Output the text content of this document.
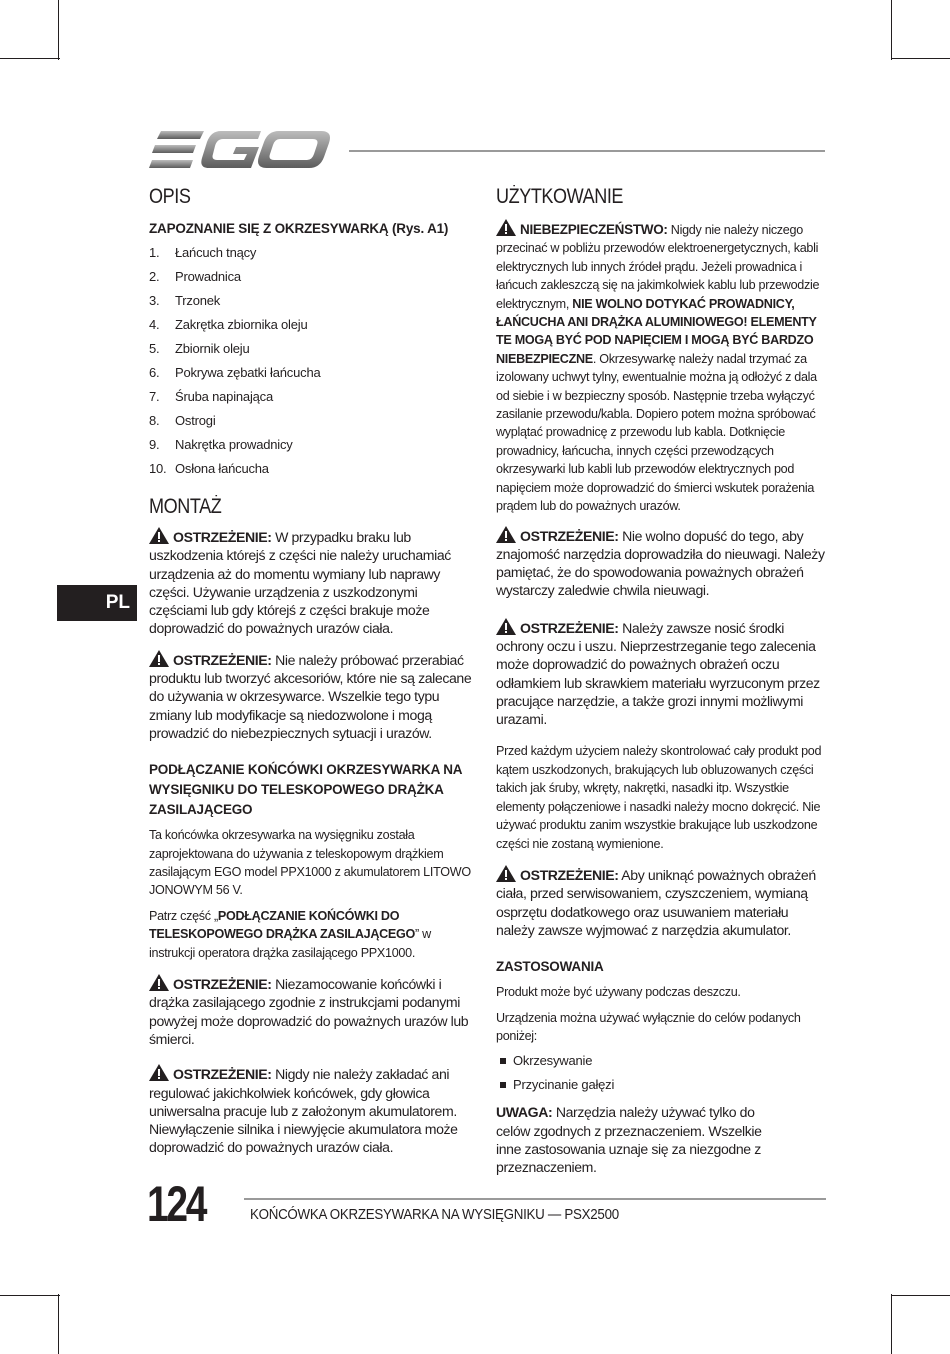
PL
OPIS
ZAPOZNANIE SIĘ Z OKRZESYWARKĄ (Rys. A1)
1. Łańcuch tnący
2. Prowadnica
3. Trzonek
4. Zakrętka zbiornika oleju
5. Zbiornik oleju
6. Pokrywa zębatki łańcucha
7. Śruba napinająca
8. Ostrogi
9. Nakrętka prowadnicy
10. Osłona łańcucha
MONTAŻ

OSTRZEŻENIE: W przypadku braku lub uszkodzenia którejś z części nie należy uruchamiać urządzenia aż do momentu wymiany lub naprawy części. Używanie urządzenia z uszkodzonymi częściami lub gdy którejś z części brakuje może doprowadzić do poważnych urazów ciała.

OSTRZEŻENIE: Nie należy próbować przerabiać produktu lub tworzyć akcesoriów, które nie są zalecane do używania w okrzesywarce. Wszelkie tego typu zmiany lub modyfikacje są niedozwolone i mogą prowadzić do niebezpiecznych sytuacji i urazów.

PODŁĄCZANIE KOŃCÓWKI OKRZESYWARKA NA WYSIĘGNIKU DO TELESKOPOWEGO DRĄŻKA ZASILAJĄCEGO

Ta końcówka okrzesywarka na wysięgniku została zaprojektowana do używania z teleskopowym drążkiem zasilającym EGO model PPX1000 z akumulatorem LITOWO JONOWYM 56 V.

Patrz część „PODŁĄCZANIE KOŃCÓWKI DO TELESKOPOWEGO DRĄŻKA ZASILAJĄCEGO” w instrukcji operatora drążka zasilającego PPX1000.

OSTRZEŻENIE: Niezamocowanie końcówki i drążka zasilającego zgodnie z instrukcjami podanymi powyżej może doprowadzić do poważnych urazów lub śmierci.

OSTRZEŻENIE: Nigdy nie należy zakładać ani regulować jakichkolwiek końcówek, gdy głowica uniwersalna pracuje lub z założonym akumulatorem. Niewyłączenie silnika i niewyjęcie akumulatora może doprowadzić do poważnych urazów ciała.

UŻYTKOWANIE

NIEBEZPIECZEŃSTWO: Nigdy nie należy niczego przecinać w pobliżu przewodów elektroenergetycznych, kabli elektrycznych lub innych źródeł prądu. Jeżeli prowadnica i łańcuch zakleszczą się na jakimkolwiek kablu lub przewodzie elektrycznym, NIE WOLNO DOTYKAĆ PROWADNICY, ŁAŃCUCHA ANI DRĄŻKA ALUMINIOWEGO! ELEMENTY TE MOGĄ BYĆ POD NAPIĘCIEM I MOGĄ BYĆ BARDZO NIEBEZPIECZNE. Okrzesywarkę należy nadal trzymać za izolowany uchwyt tylny, ewentualnie można ją odłożyć z dala od siebie i w bezpieczny sposób. Następnie trzeba wyłączyć zasilanie przewodu/kabla. Dopiero potem można spróbować wyplątać prowadnicę z przewodu lub kabla. Dotknięcie prowadnicy, łańcucha, innych części przewodzących okrzesywarki lub kabli lub przewodów elektrycznych pod napięciem może doprowadzić do śmierci wskutek porażenia prądem lub do poważnych urazów.

OSTRZEŻENIE: Nie wolno dopuść do tego, aby znajomość narzędzia doprowadziła do nieuwagi. Należy pamiętać, że do spowodowania poważnych obrażeń wystarczy zaledwie chwila nieuwagi.

OSTRZEŻENIE: Należy zawsze nosić środki ochrony oczu i uszu. Nieprzestrzeganie tego zalecenia może doprowadzić do poważnych obrażeń oczu odłamkiem lub skrawkiem materiału wyrzuconym przez pracujące narzędzie, a także grozi innymi możliwymi urazami.

Przed każdym użyciem należy skontrolować cały produkt pod kątem uszkodzonych, brakujących lub obluzowanych części takich jak śruby, wkręty, nakrętki, nasadki itp. Wszystkie elementy połączeniowe i nasadki należy mocno dokręcić. Nie używać produktu zanim wszystkie brakujące lub uszkodzone części nie zostaną wymienione.

OSTRZEŻENIE: Aby uniknąć poważnych obrażeń ciała, przed serwisowaniem, czyszczeniem, wymianą osprzętu dodatkowego oraz usuwaniem materiału należy zawsze wyjmować z narzędzia akumulator.

ZASTOSOWANIA

Produkt może być używany podczas deszczu.

Urządzenia można używać wyłącznie do celów podanych poniżej:

Okrzesywanie
Przycinanie gałęzi

UWAGA: Narzędzia należy używać tylko do celów zgodnych z przeznaczeniem. Wszelkie inne zastosowania uznaje się za niezgodne z przeznaczeniem.

124	KOŃCÓWKA OKRZESYWARKA NA WYSIĘGNIKU — PSX2500
